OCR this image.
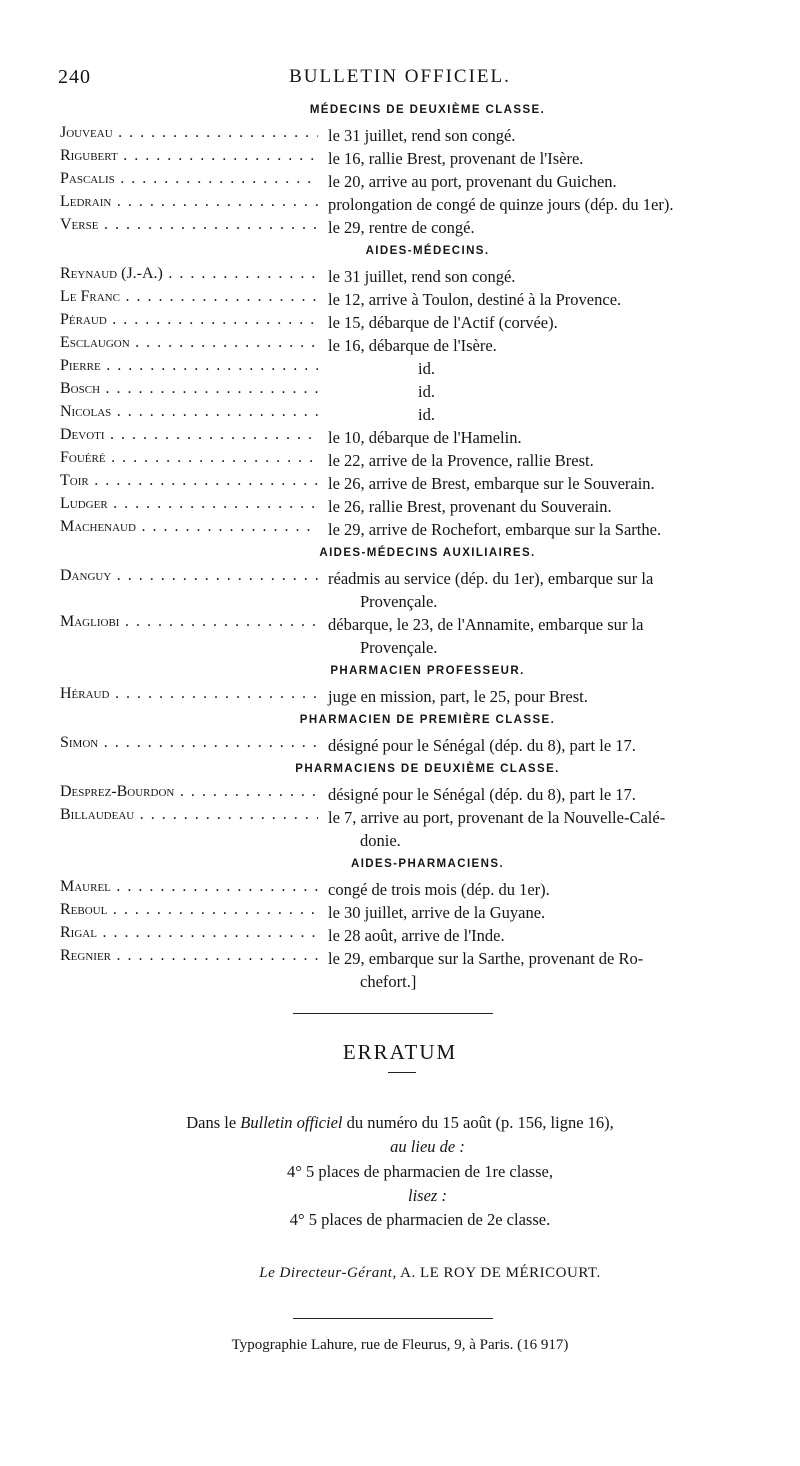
240	BULLETIN OFFICIEL.
MÉDECINS DE DEUXIÈME CLASSE.
Jouveau . . .	le 31 juillet, rend son congé.
Rigubert . . .	le 16, rallie Brest, provenant de l'Isère.
Pascalis . . .	le 20, arrive au port, provenant du Guichen.
Ledrain . . .	prolongation de congé de quinze jours (dép. du 1er).
Verse . . .	le 29, rentre de congé.
AIDES-MÉDECINS.
Reynaud (J.-A.) . . .	le 31 juillet, rend son congé.
Le Franc . . .	le 12, arrive à Toulon, destiné à la Provence.
Péraud . . .	le 15, débarque de l'Actif (corvée).
Esclaugon . . .	le 16, débarque de l'Isère.
Pierre . . .	id.
Bosch . . .	id.
Nicolas . . .	id.
Devoti . . .	le 10, débarque de l'Hamelin.
Fouéré . . .	le 22, arrive de la Provence, rallie Brest.
Toir . . .	le 26, arrive de Brest, embarque sur le Souverain.
Ludger . . .	le 26, rallie Brest, provenant du Souverain.
Machenaud . . .	le 29, arrive de Rochefort, embarque sur la Sarthe.
AIDES-MÉDECINS AUXILIAIRES.
Danguy . . .	réadmis au service (dép. du 1er), embarque sur la
Provençale.
Magliobi . . .	débarque, le 23, de l'Annamite, embarque sur la
Provençale.
PHARMACIEN PROFESSEUR.
Héraud . . .	juge en mission, part, le 25, pour Brest.
PHARMACIEN DE PREMIÈRE CLASSE.
Simon . . .	désigné pour le Sénégal (dép. du 8), part le 17.
PHARMACIENS DE DEUXIÈME CLASSE.
Desprez-Bourdon . . .	désigné pour le Sénégal (dép. du 8), part le 17.
Billaudeau . . .	le 7, arrive au port, provenant de la Nouvelle-Calé-
donie.
AIDES-PHARMACIENS.
Maurel . . .	congé de trois mois (dép. du 1er).
Reboul . . .	le 30 juillet, arrive de la Guyane.
Rigal . . .	le 28 août, arrive de l'Inde.
Regnier . . .	le 29, embarque sur la Sarthe, provenant de Ro-
chefort.]
ERRATUM
Dans le Bulletin officiel du numéro du 15 août (p. 156, ligne 16),
au lieu de :
4° 5 places de pharmacien de 1re classe,
lisez :
4° 5 places de pharmacien de 2e classe.
Le Directeur-Gérant, A. LE ROY DE MÉRICOURT.
Typographie Lahure, rue de Fleurus, 9, à Paris. (16 917)
